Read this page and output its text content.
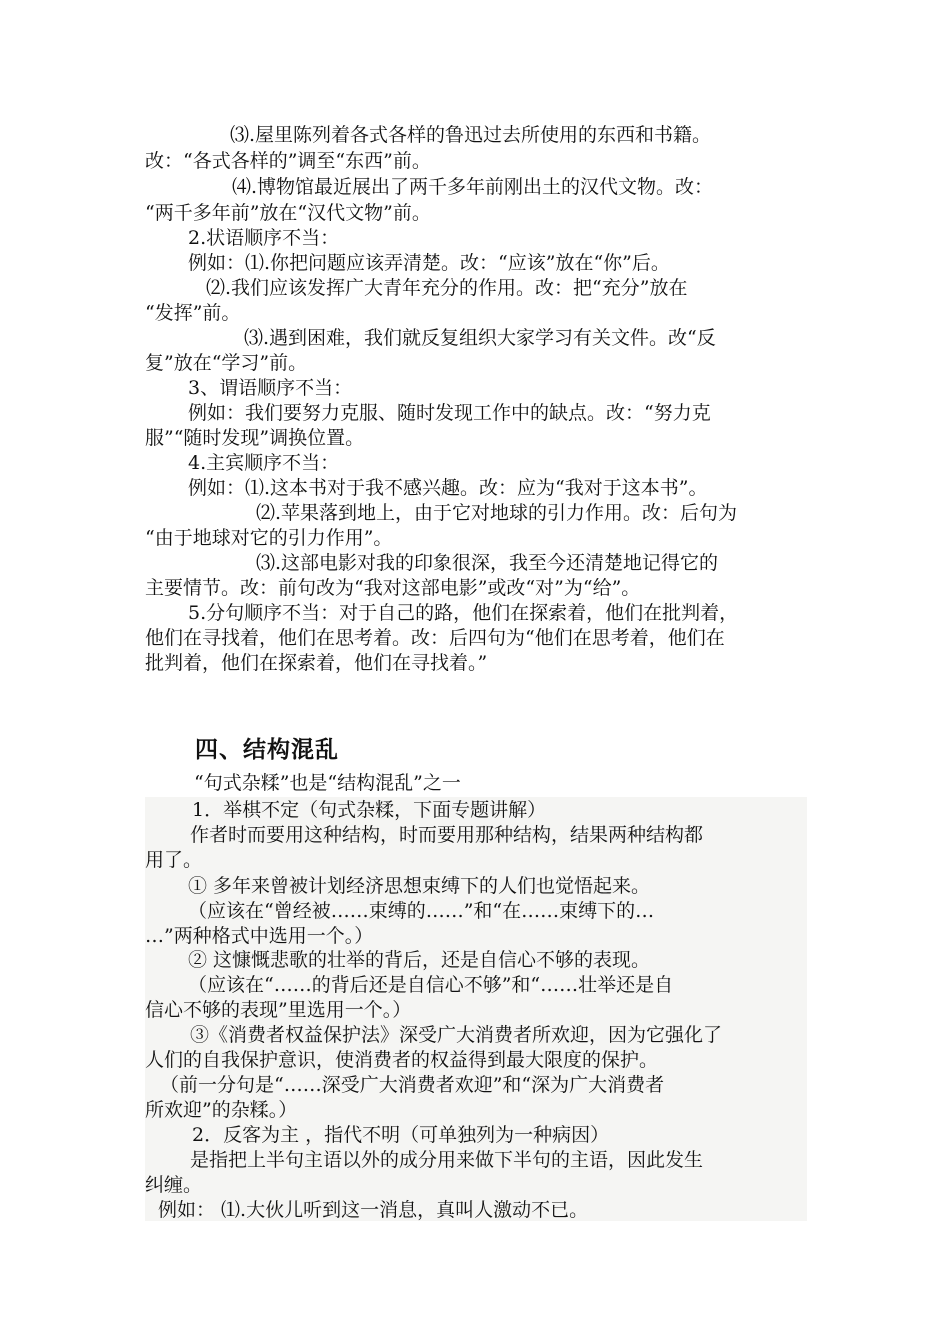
⑶.屋里陈列着各式各样的鲁迅过去所使用的东西和书籍。
改：“各式各样的”调至“东西”前。
⑷.博物馆最近展出了两千多年前刚出土的汉代文物。改：
“两千多年前”放在“汉代文物”前。
2.状语顺序不当：
例如：⑴.你把问题应该弄清楚。改：“应该”放在“你”后。
⑵.我们应该发挥广大青年充分的作用。改：把“充分”放在
“发挥”前。
⑶.遇到困难，我们就反复组织大家学习有关文件。改“反
复”放在“学习”前。
3、谓语顺序不当：
例如：我们要努力克服、随时发现工作中的缺点。改：“努力克
服”“随时发现”调换位置。
4.主宾顺序不当：
例如：⑴.这本书对于我不感兴趣。改：应为“我对于这本书”。
⑵.苹果落到地上，由于它对地球的引力作用。改：后句为
“由于地球对它的引力作用”。
⑶.这部电影对我的印象很深，我至今还清楚地记得它的
主要情节。改：前句改为“我对这部电影”或改“对”为“给”。
5.分句顺序不当：对于自己的路，他们在探索着，他们在批判着，
他们在寻找着，他们在思考着。改：后四句为“他们在思考着，他们在
批判着，他们在探索着，他们在寻找着。”
四、结构混乱
“句式杂糅”也是“结构混乱”之一
1．举棋不定（句式杂糅，下面专题讲解）
作者时而要用这种结构，时而要用那种结构，结果两种结构都
用了。
① 多年来曾被计划经济思想束缚下的人们也觉悟起来。
（应该在“曾经被……束缚的……”和“在……束缚下的…
…”两种格式中选用一个。）
② 这慷慨悲歌的壮举的背后，还是自信心不够的表现。
（应该在“……的背后还是自信心不够”和“……壮举还是自
信心不够的表现”里选用一个。）
③《消费者权益保护法》深受广大消费者所欢迎，因为它强化了
人们的自我保护意识，使消费者的权益得到最大限度的保护。
（前一分句是“……深受广大消费者欢迎”和“深为广大消费者
所欢迎”的杂糅。）
2．反客为主 ，指代不明（可单独列为一种病因）
是指把上半句主语以外的成分用来做下半句的主语，因此发生
纠缠。
例如： ⑴.大伙儿听到这一消息，真叫人激动不已。
